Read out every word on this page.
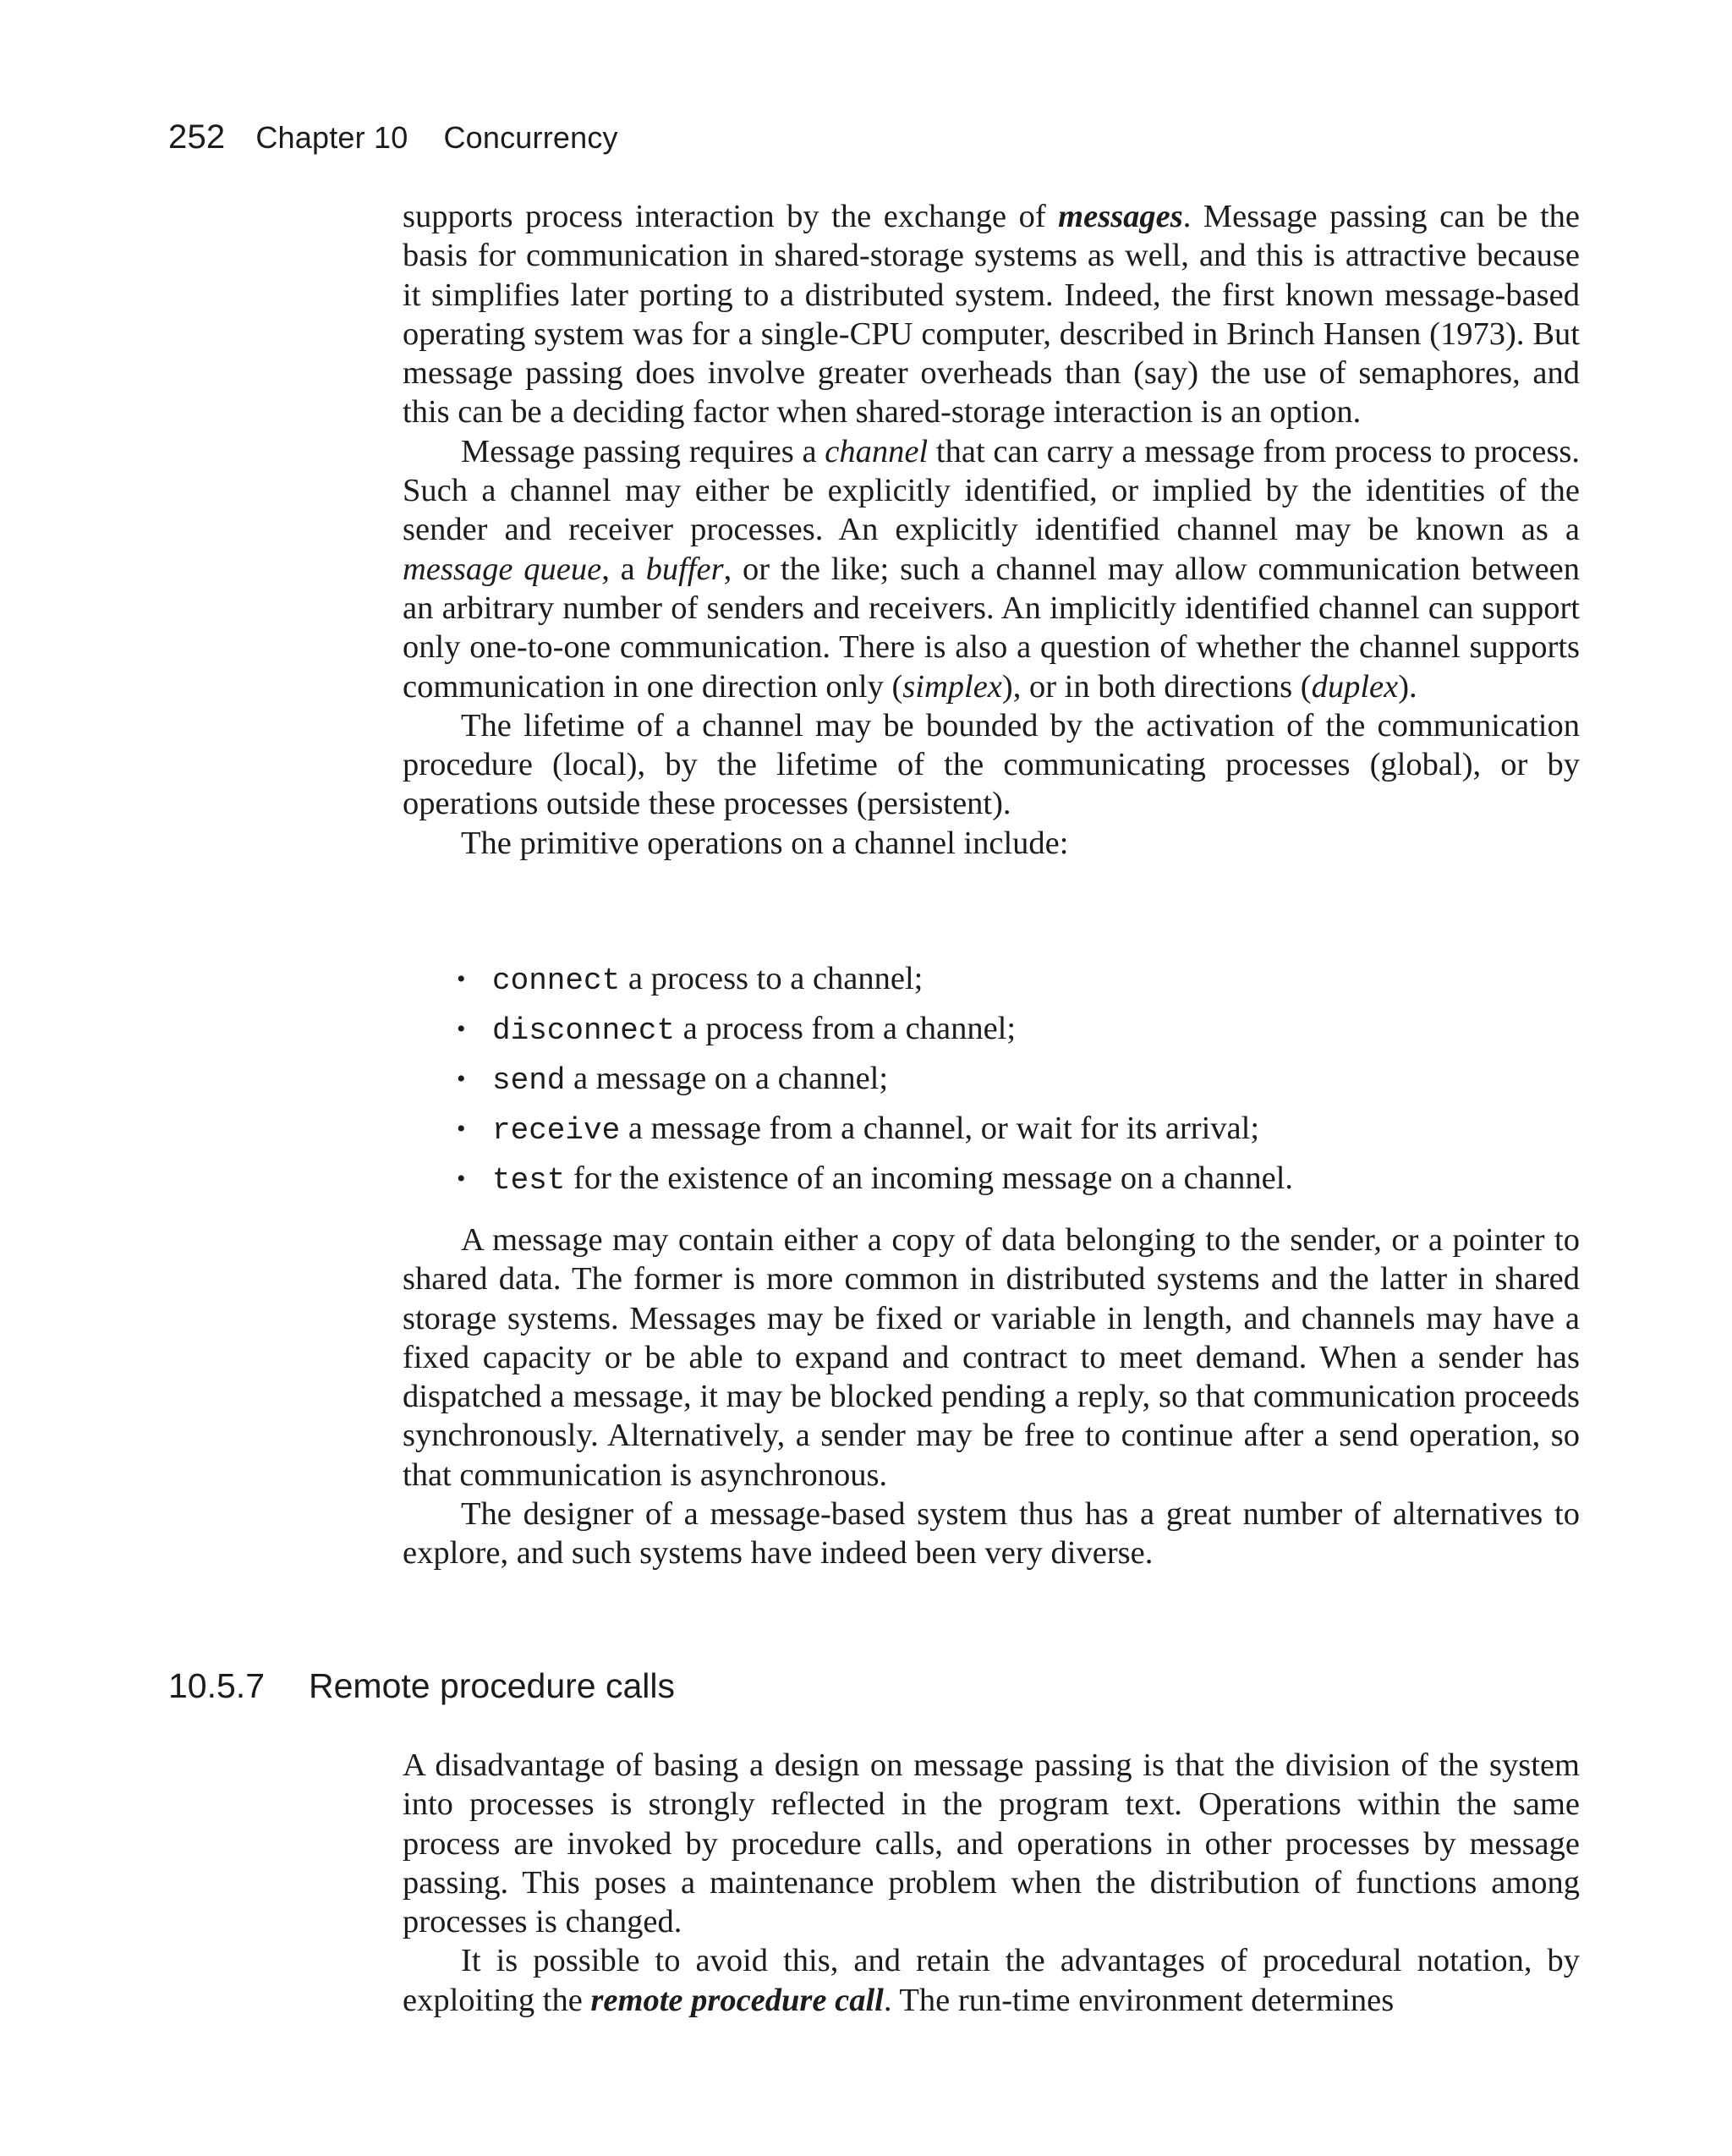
252 Chapter 10 Concurrency

supports process interaction by the exchange of messages. Message passing can be the basis for communication in shared-storage systems as well, and this is attractive because it simplifies later porting to a distributed system. Indeed, the first known message-based operating system was for a single-CPU computer, described in Brinch Hansen (1973). But message passing does involve greater overheads than (say) the use of semaphores, and this can be a deciding factor when shared-storage interaction is an option.

Message passing requires a channel that can carry a message from process to process. Such a channel may either be explicitly identified, or implied by the identities of the sender and receiver processes. An explicitly identified channel may be known as a message queue, a buffer, or the like; such a channel may allow communication between an arbitrary number of senders and receivers. An implicitly identified channel can support only one-to-one communication. There is also a question of whether the channel supports communication in one direction only (simplex), or in both directions (duplex).

The lifetime of a channel may be bounded by the activation of the communication procedure (local), by the lifetime of the communicating processes (global), or by operations outside these processes (persistent).

The primitive operations on a channel include:

• connect a process to a channel;
• disconnect a process from a channel;
• send a message on a channel;
• receive a message from a channel, or wait for its arrival;
• test for the existence of an incoming message on a channel.

A message may contain either a copy of data belonging to the sender, or a pointer to shared data. The former is more common in distributed systems and the latter in shared storage systems. Messages may be fixed or variable in length, and channels may have a fixed capacity or be able to expand and contract to meet demand. When a sender has dispatched a message, it may be blocked pending a reply, so that communication proceeds synchronously. Alternatively, a sender may be free to continue after a send operation, so that communication is asynchronous.

The designer of a message-based system thus has a great number of alternatives to explore, and such systems have indeed been very diverse.

10.5.7 Remote procedure calls

A disadvantage of basing a design on message passing is that the division of the system into processes is strongly reflected in the program text. Operations within the same process are invoked by procedure calls, and operations in other processes by message passing. This poses a maintenance problem when the distribution of functions among processes is changed.

It is possible to avoid this, and retain the advantages of procedural notation, by exploiting the remote procedure call. The run-time environment determines
